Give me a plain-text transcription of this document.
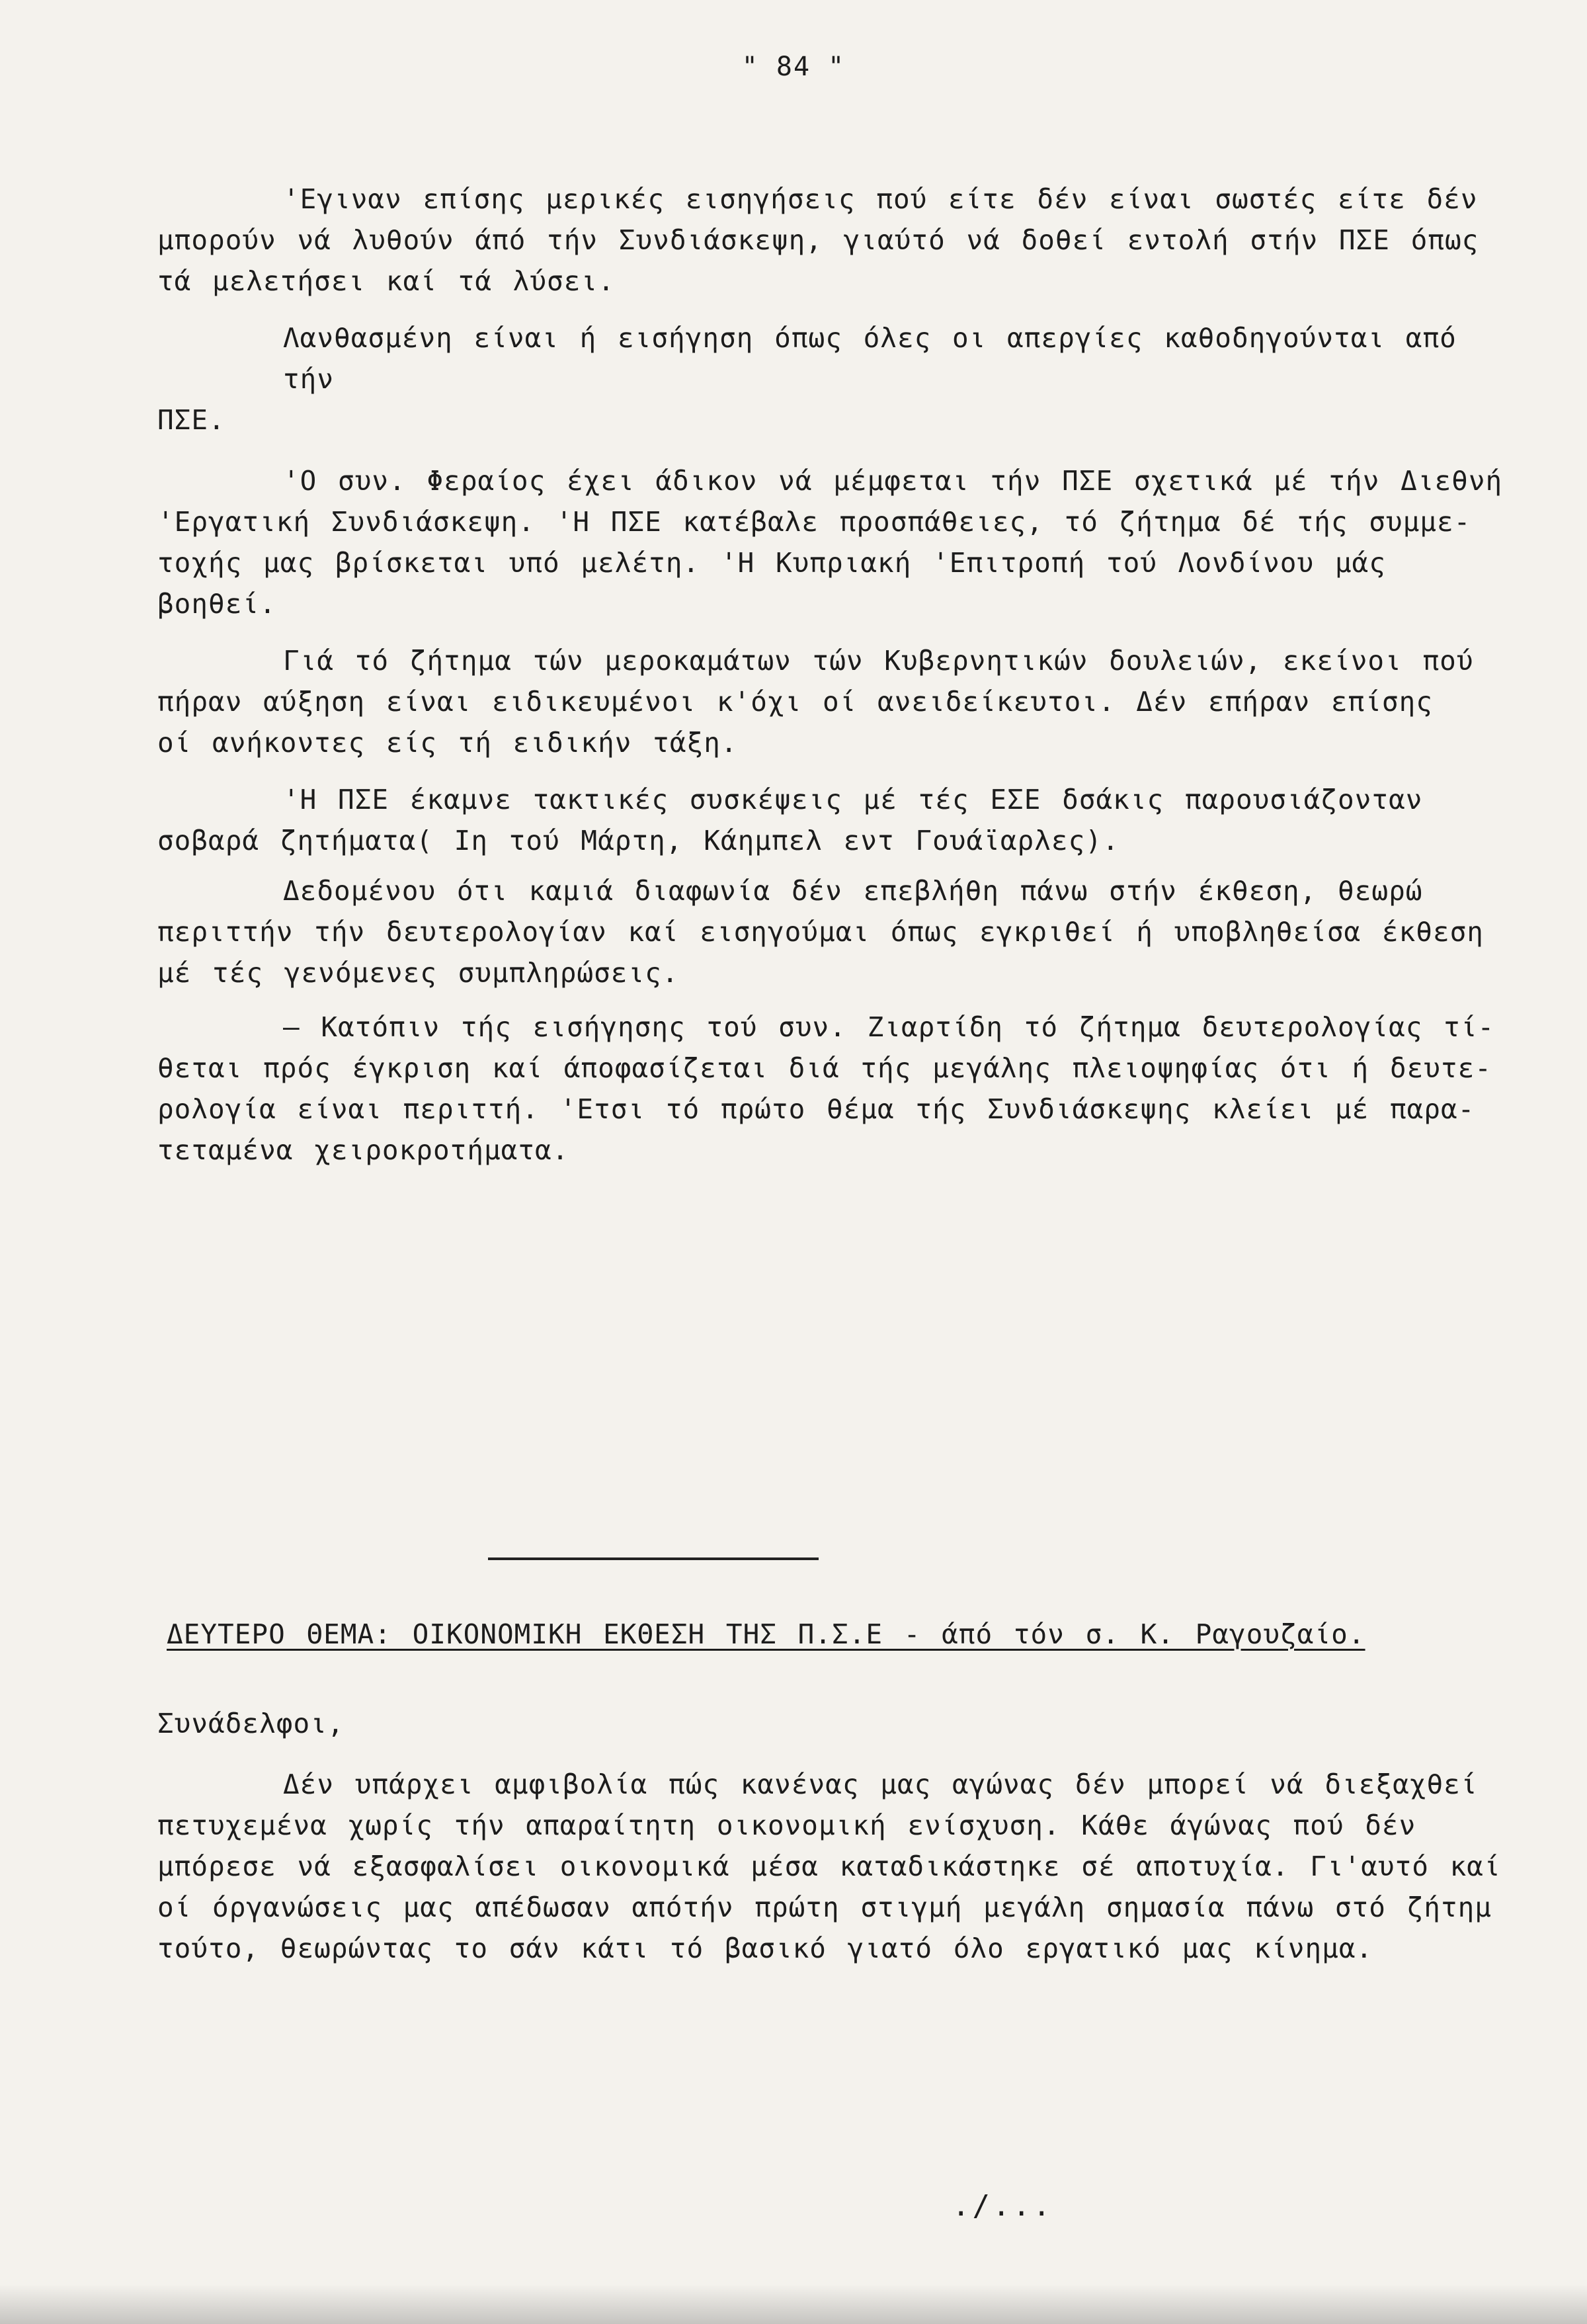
" 84 "
'Εγιναν επίσης μερικές εισηγήσεις πού είτε δέν είναι σωστές είτε δέν
μπορούν νά λυθούν άπό τήν Συνδιάσκεψη, γιαύτό νά δοθεί εντολή στήν ΠΣΕ όπως
τά μελετήσει καί τά λύσει.
Λανθασμένη είναι ή εισήγηση όπως όλες οι απεργίες καθοδηγούνται από τήν
ΠΣΕ.
'Ο συν. Φεραίος έχει άδικον νά μέμφεται τήν ΠΣΕ σχετικά μέ τήν Διεθνή
'Εργατική Συνδιάσκεψη. 'Η ΠΣΕ κατέβαλε προσπάθειες, τό ζήτημα δέ τής συμμε-
τοχής μας βρίσκεται υπό μελέτη. 'Η Κυπριακή 'Επιτροπή τού Λονδίνου μάς
βοηθεί.
Γιά τό ζήτημα τών μεροκαμάτων τών Κυβερνητικών δουλειών, εκείνοι πού
πήραν αύξηση είναι ειδικευμένοι κ'όχι οί ανειδείκευτοι. Δέν επήραν επίσης
οί ανήκοντες είς τή ειδικήν τάξη.
'Η ΠΣΕ έκαμνε τακτικές συσκέψεις μέ τές ΕΣΕ δσάκις παρουσιάζονταν
σοβαρά ζητήματα( Ιη τού Μάρτη, Κάημπελ εντ Γουάϊαρλες).
Δεδομένου ότι καμιά διαφωνία δέν επεβλήθη πάνω στήν έκθεση, θεωρώ
περιττήν τήν δευτερολογίαν καί εισηγούμαι όπως εγκριθεί ή υποβληθείσα έκθεση
μέ τές γενόμενες συμπληρώσεις.
— Κατόπιν τής εισήγησης τού συν. Ζιαρτίδη τό ζήτημα δευτερολογίας τί-
θεται πρός έγκριση καί άποφασίζεται διά τής μεγάλης πλειοψηφίας ότι ή δευτε-
ρολογία είναι περιττή. 'Ετσι τό πρώτο θέμα τής Συνδιάσκεψης κλείει μέ παρα-
τεταμένα χειροκροτήματα.
ΔΕΥΤΕΡΟ ΘΕΜΑ: ΟΙΚΟΝΟΜΙΚΗ ΕΚΘΕΣΗ ΤΗΣ Π.Σ.Ε - άπό τόν σ. Κ. Ραγουζαίο.
Συνάδελφοι,
Δέν υπάρχει αμφιβολία πώς κανένας μας αγώνας δέν μπορεί νά διεξαχθεί
πετυχεμένα χωρίς τήν απαραίτητη οικονομική ενίσχυση. Κάθε άγώνας πού δέν
μπόρεσε νά εξασφαλίσει οικονομικά μέσα καταδικάστηκε σέ αποτυχία. Γι'αυτό καί
οί όργανώσεις μας απέδωσαν απότήν πρώτη στιγμή μεγάλη σημασία πάνω στό ζήτημ
τούτο, θεωρώντας το σάν κάτι τό βασικό γιατό όλο εργατικό μας κίνημα.
./...
